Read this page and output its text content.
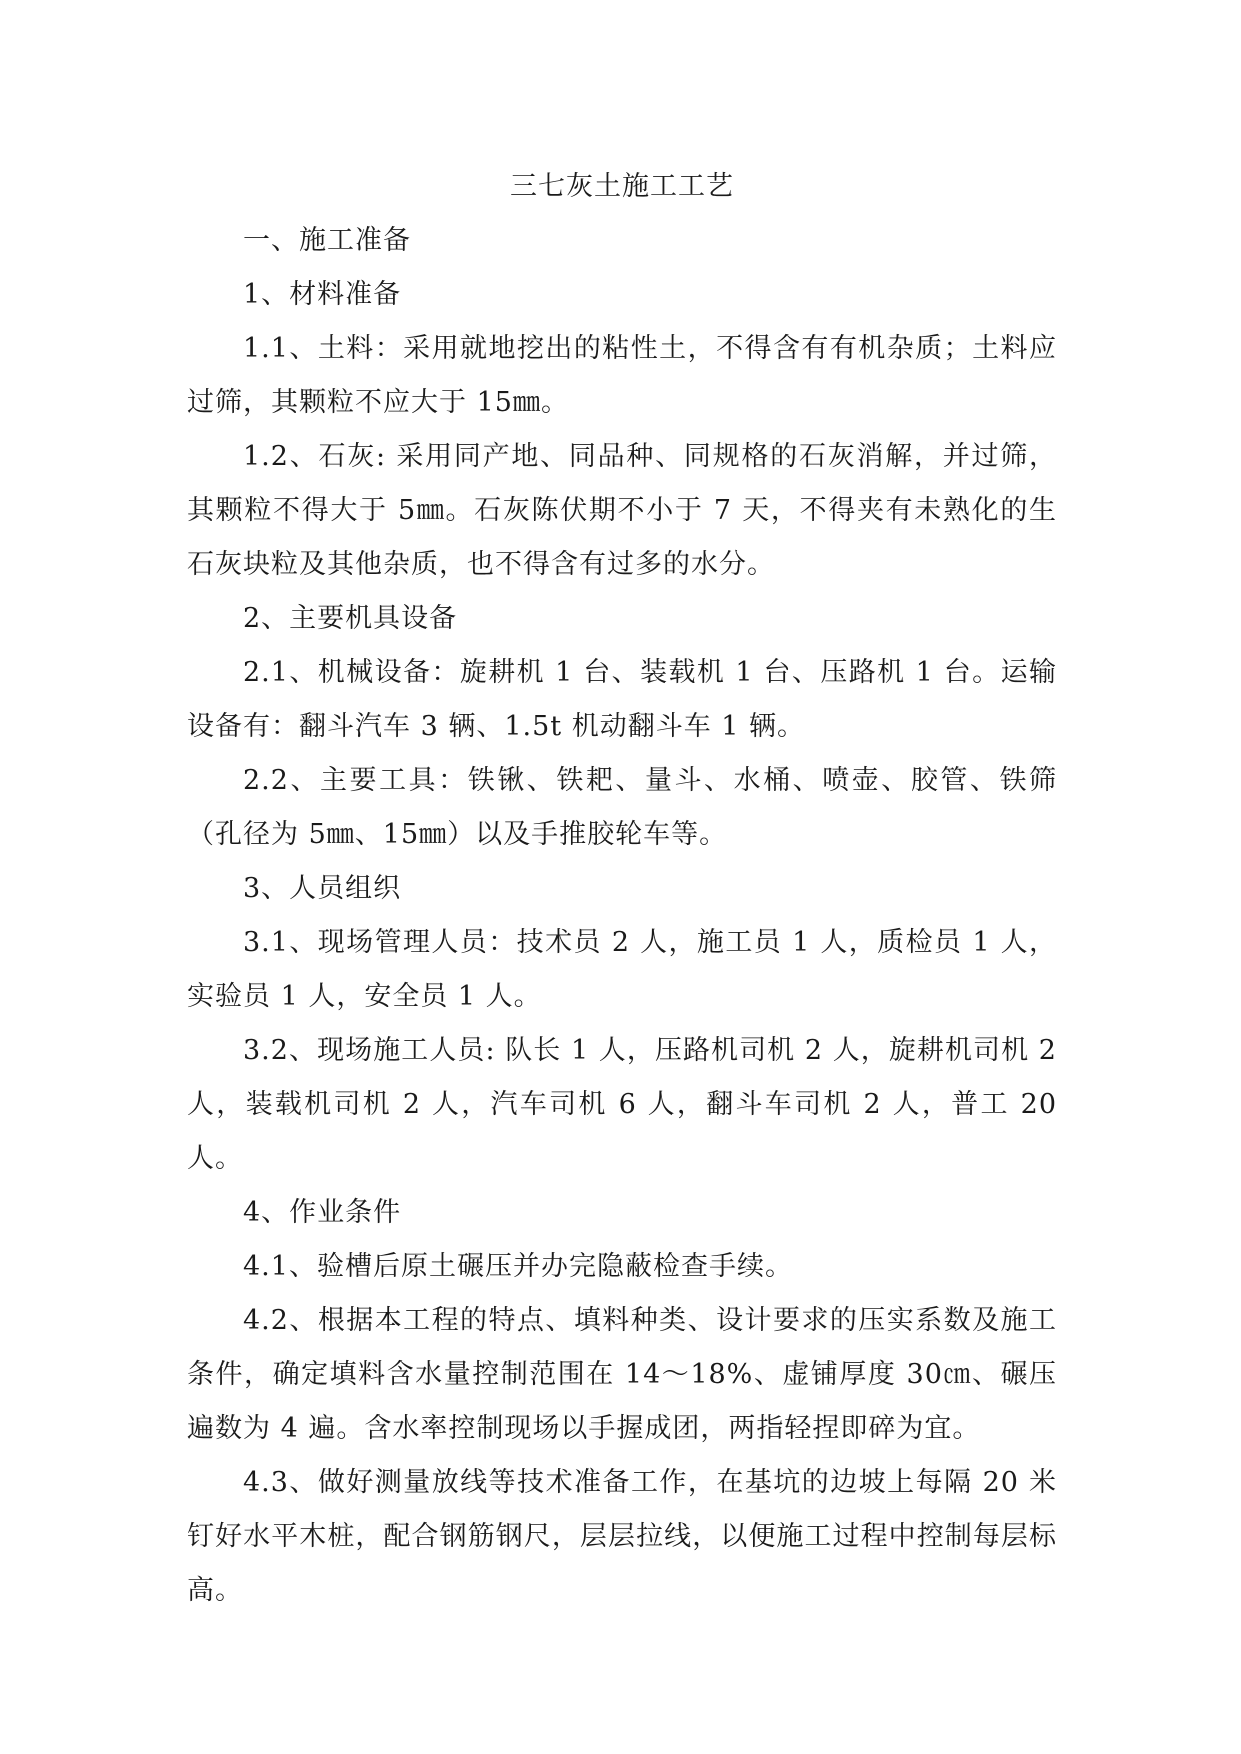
三七灰土施工工艺

一、施工准备

1、材料准备

1.1、土料：采用就地挖出的粘性土，不得含有有机杂质；土料应过筛，其颗粒不应大于 15㎜。

1.2、石灰: 采用同产地、同品种、同规格的石灰消解，并过筛，其颗粒不得大于 5㎜。石灰陈伏期不小于 7 天，不得夹有未熟化的生石灰块粒及其他杂质，也不得含有过多的水分。

2、主要机具设备

2.1、机械设备：旋耕机 1 台、装载机 1 台、压路机 1 台。运输设备有：翻斗汽车 3 辆、1.5t 机动翻斗车 1 辆。

2.2、主要工具：铁锹、铁耙、量斗、水桶、喷壶、胶管、铁筛（孔径为 5㎜、15㎜）以及手推胶轮车等。

3、人员组织

3.1、现场管理人员：技术员 2 人，施工员 1 人，质检员 1 人，实验员 1 人，安全员 1 人。

3.2、现场施工人员: 队长 1 人，压路机司机 2 人，旋耕机司机 2 人，装载机司机 2 人，汽车司机 6 人，翻斗车司机 2 人，普工 20 人。

4、作业条件

4.1、验槽后原土碾压并办完隐蔽检查手续。

4.2、根据本工程的特点、填料种类、设计要求的压实系数及施工条件，确定填料含水量控制范围在 14～18%、虚铺厚度 30㎝、碾压遍数为 4 遍。含水率控制现场以手握成团，两指轻捏即碎为宜。

4.3、做好测量放线等技术准备工作，在基坑的边坡上每隔 20 米钉好水平木桩，配合钢筋钢尺，层层拉线，以便施工过程中控制每层标高。
